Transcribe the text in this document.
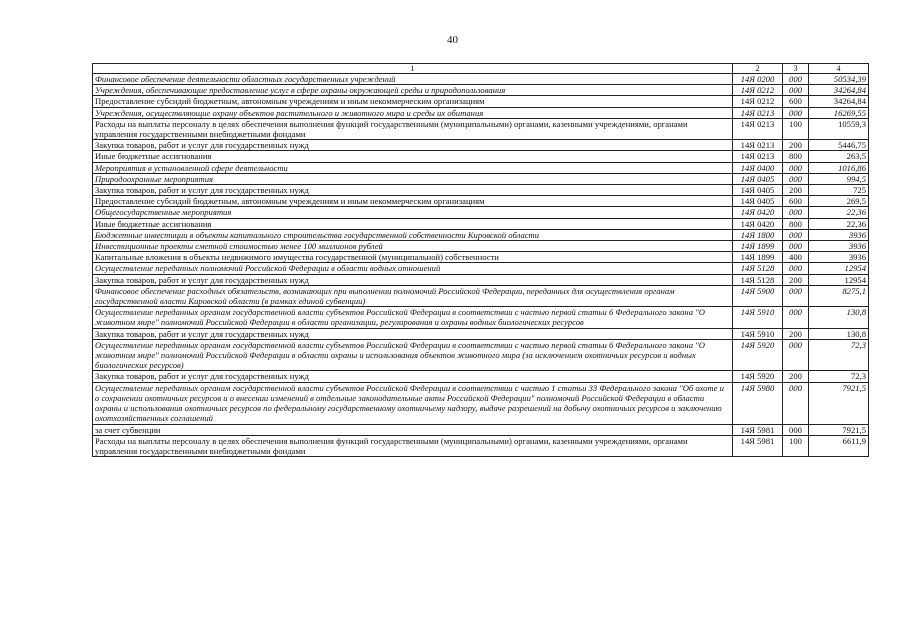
40
1	2	3	4
Финансовое обеспечение деятельности областных государственных учреждений	14Я 0200	000	50534,39
Учреждения, обеспечивающие предоставление услуг в сфере охраны окружающей среды и природопользования	14Я 0212	000	34264,84
Предоставление субсидий бюджетным, автономным учреждениям и иным некоммерческим организациям	14Я 0212	600	34264,84
Учреждения, осуществляющие охрану объектов растительного и животного мира и среды их обитания	14Я 0213	000	16269,55
Расходы на выплаты персоналу в целях обеспечения выполнения функций государственными (муниципальными) органами, казенными учреждениями, органами управления государственными внебюджетными фондами	14Я 0213	100	10559,3
Закупка товаров, работ и услуг для государственных нужд	14Я 0213	200	5446,75
Иные бюджетные ассигнования	14Я 0213	800	263,5
Мероприятия в установленной сфере деятельности	14Я 0400	000	1016,86
Природоохранные мероприятия	14Я 0405	000	994,5
Закупка товаров, работ и услуг для государственных нужд	14Я 0405	200	725
Предоставление субсидий бюджетным, автономным учреждениям и иным некоммерческим организациям	14Я 0405	600	269,5
Общегосударственные мероприятия	14Я 0420	000	22,36
Иные бюджетные ассигнования	14Я 0420	800	22,36
Бюджетные инвестиции в объекты капитального строительства государственной собственности Кировской области	14Я 1800	000	3936
Инвестиционные проекты сметной стоимостью менее 100 миллионов рублей	14Я 1899	000	3936
Капитальные вложения в объекты недвижимого имущества государственной (муниципальной) собственности	14Я 1899	400	3936
Осуществление переданных полномочий Российской Федерации в области водных отношений	14Я 5128	000	12954
Закупка товаров, работ и услуг для государственных нужд	14Я 5128	200	12954
Финансовое обеспечение расходных обязательств, возникающих при выполнении полномочий Российской Федерации, переданных для осуществления органам государственной власти Кировской области (в рамках единой субвенции)	14Я 5900	000	8275,1
Осуществление переданных органам государственной власти субъектов Российской Федерации в соответствии с частью первой статьи 6 Федерального закона "О животном мире" полномочий Российской Федерации в области организации, регулирования и охраны водных биологических ресурсов	14Я 5910	000	130,8
Закупка товаров, работ и услуг для государственных нужд	14Я 5910	200	130,8
Осуществление переданных органам государственной власти субъектов Российской Федерации в соответствии с частью первой статьи 6 Федерального закона "О животном мире" полномочий Российской Федерации в области охраны и использования объектов животного мира (за исключением охотничьих ресурсов и водных биологических ресурсов)	14Я 5920	000	72,3
Закупка товаров, работ и услуг для государственных нужд	14Я 5920	200	72,3
Осуществление переданных органам государственной власти субъектов Российской Федерации в соответствии с частью 1 статьи 33 Федерального закона "Об охоте и о сохранении охотничьих ресурсов и о внесении изменений в отдельные законодательные акты Российской Федерации" полномочий Российской Федерации в области охраны и использования охотничьих ресурсов по федеральному государственному охотничьему надзору, выдаче разрешений на добычу охотничьих ресурсов и заключению охотхозяйственных соглашений	14Я 5980	000	7921,5
за счет субвенции	14Я 5981	000	7921,5
Расходы на выплаты персоналу в целях обеспечения выполнения функций государственными (муниципальными) органами, казенными учреждениями, органами управления государственными внебюджетными фондами	14Я 5981	100	6611,9
